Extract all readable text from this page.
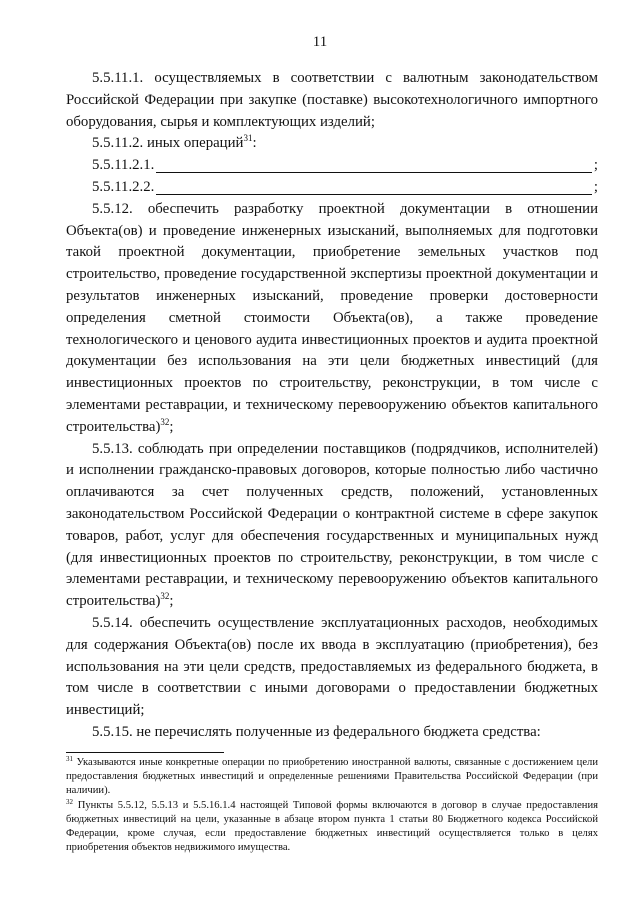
11

5.5.11.1. осуществляемых в соответствии с валютным законодательством Российской Федерации при закупке (поставке) высокотехнологичного импортного оборудования, сырья и комплектующих изделий;

5.5.11.2. иных операций$^{31}$:

5.5.11.2.1.	;
5.5.11.2.2.	;

5.5.12. обеспечить разработку проектной документации в отношении Объекта(ов) и проведение инженерных изысканий, выполняемых для подготовки такой проектной документации, приобретение земельных участков под строительство, проведение государственной экспертизы проектной документации и результатов инженерных изысканий, проведение проверки достоверности определения сметной стоимости Объекта(ов), а также проведение технологического и ценового аудита инвестиционных проектов и аудита проектной документации без использования на эти цели бюджетных инвестиций (для инвестиционных проектов по строительству, реконструкции, в том числе с элементами реставрации, и техническому перевооружению объектов капитального строительства)$^{32}$;

5.5.13. соблюдать при определении поставщиков (подрядчиков, исполнителей) и исполнении гражданско-правовых договоров, которые полностью либо частично оплачиваются за счет полученных средств, положений, установленных законодательством Российской Федерации о контрактной системе в сфере закупок товаров, работ, услуг для обеспечения государственных и муниципальных нужд (для инвестиционных проектов по строительству, реконструкции, в том числе с элементами реставрации, и техническому перевооружению объектов капитального строительства)$^{32}$;

5.5.14. обеспечить осуществление эксплуатационных расходов, необходимых для содержания Объекта(ов) после их ввода в эксплуатацию (приобретения), без использования на эти цели средств, предоставляемых из федерального бюджета, в том числе в соответствии с иными договорами о предоставлении бюджетных инвестиций;

5.5.15. не перечислять полученные из федерального бюджета средства:

$^{31}$ Указываются иные конкретные операции по приобретению иностранной валюты, связанные с достижением цели предоставления бюджетных инвестиций и определенные решениями Правительства Российской Федерации (при наличии).

$^{32}$ Пункты 5.5.12, 5.5.13 и 5.5.16.1.4 настоящей Типовой формы включаются в договор в случае предоставления бюджетных инвестиций на цели, указанные в абзаце втором пункта 1 статьи 80 Бюджетного кодекса Российской Федерации, кроме случая, если предоставление бюджетных инвестиций осуществляется только в целях приобретения объектов недвижимого имущества.
